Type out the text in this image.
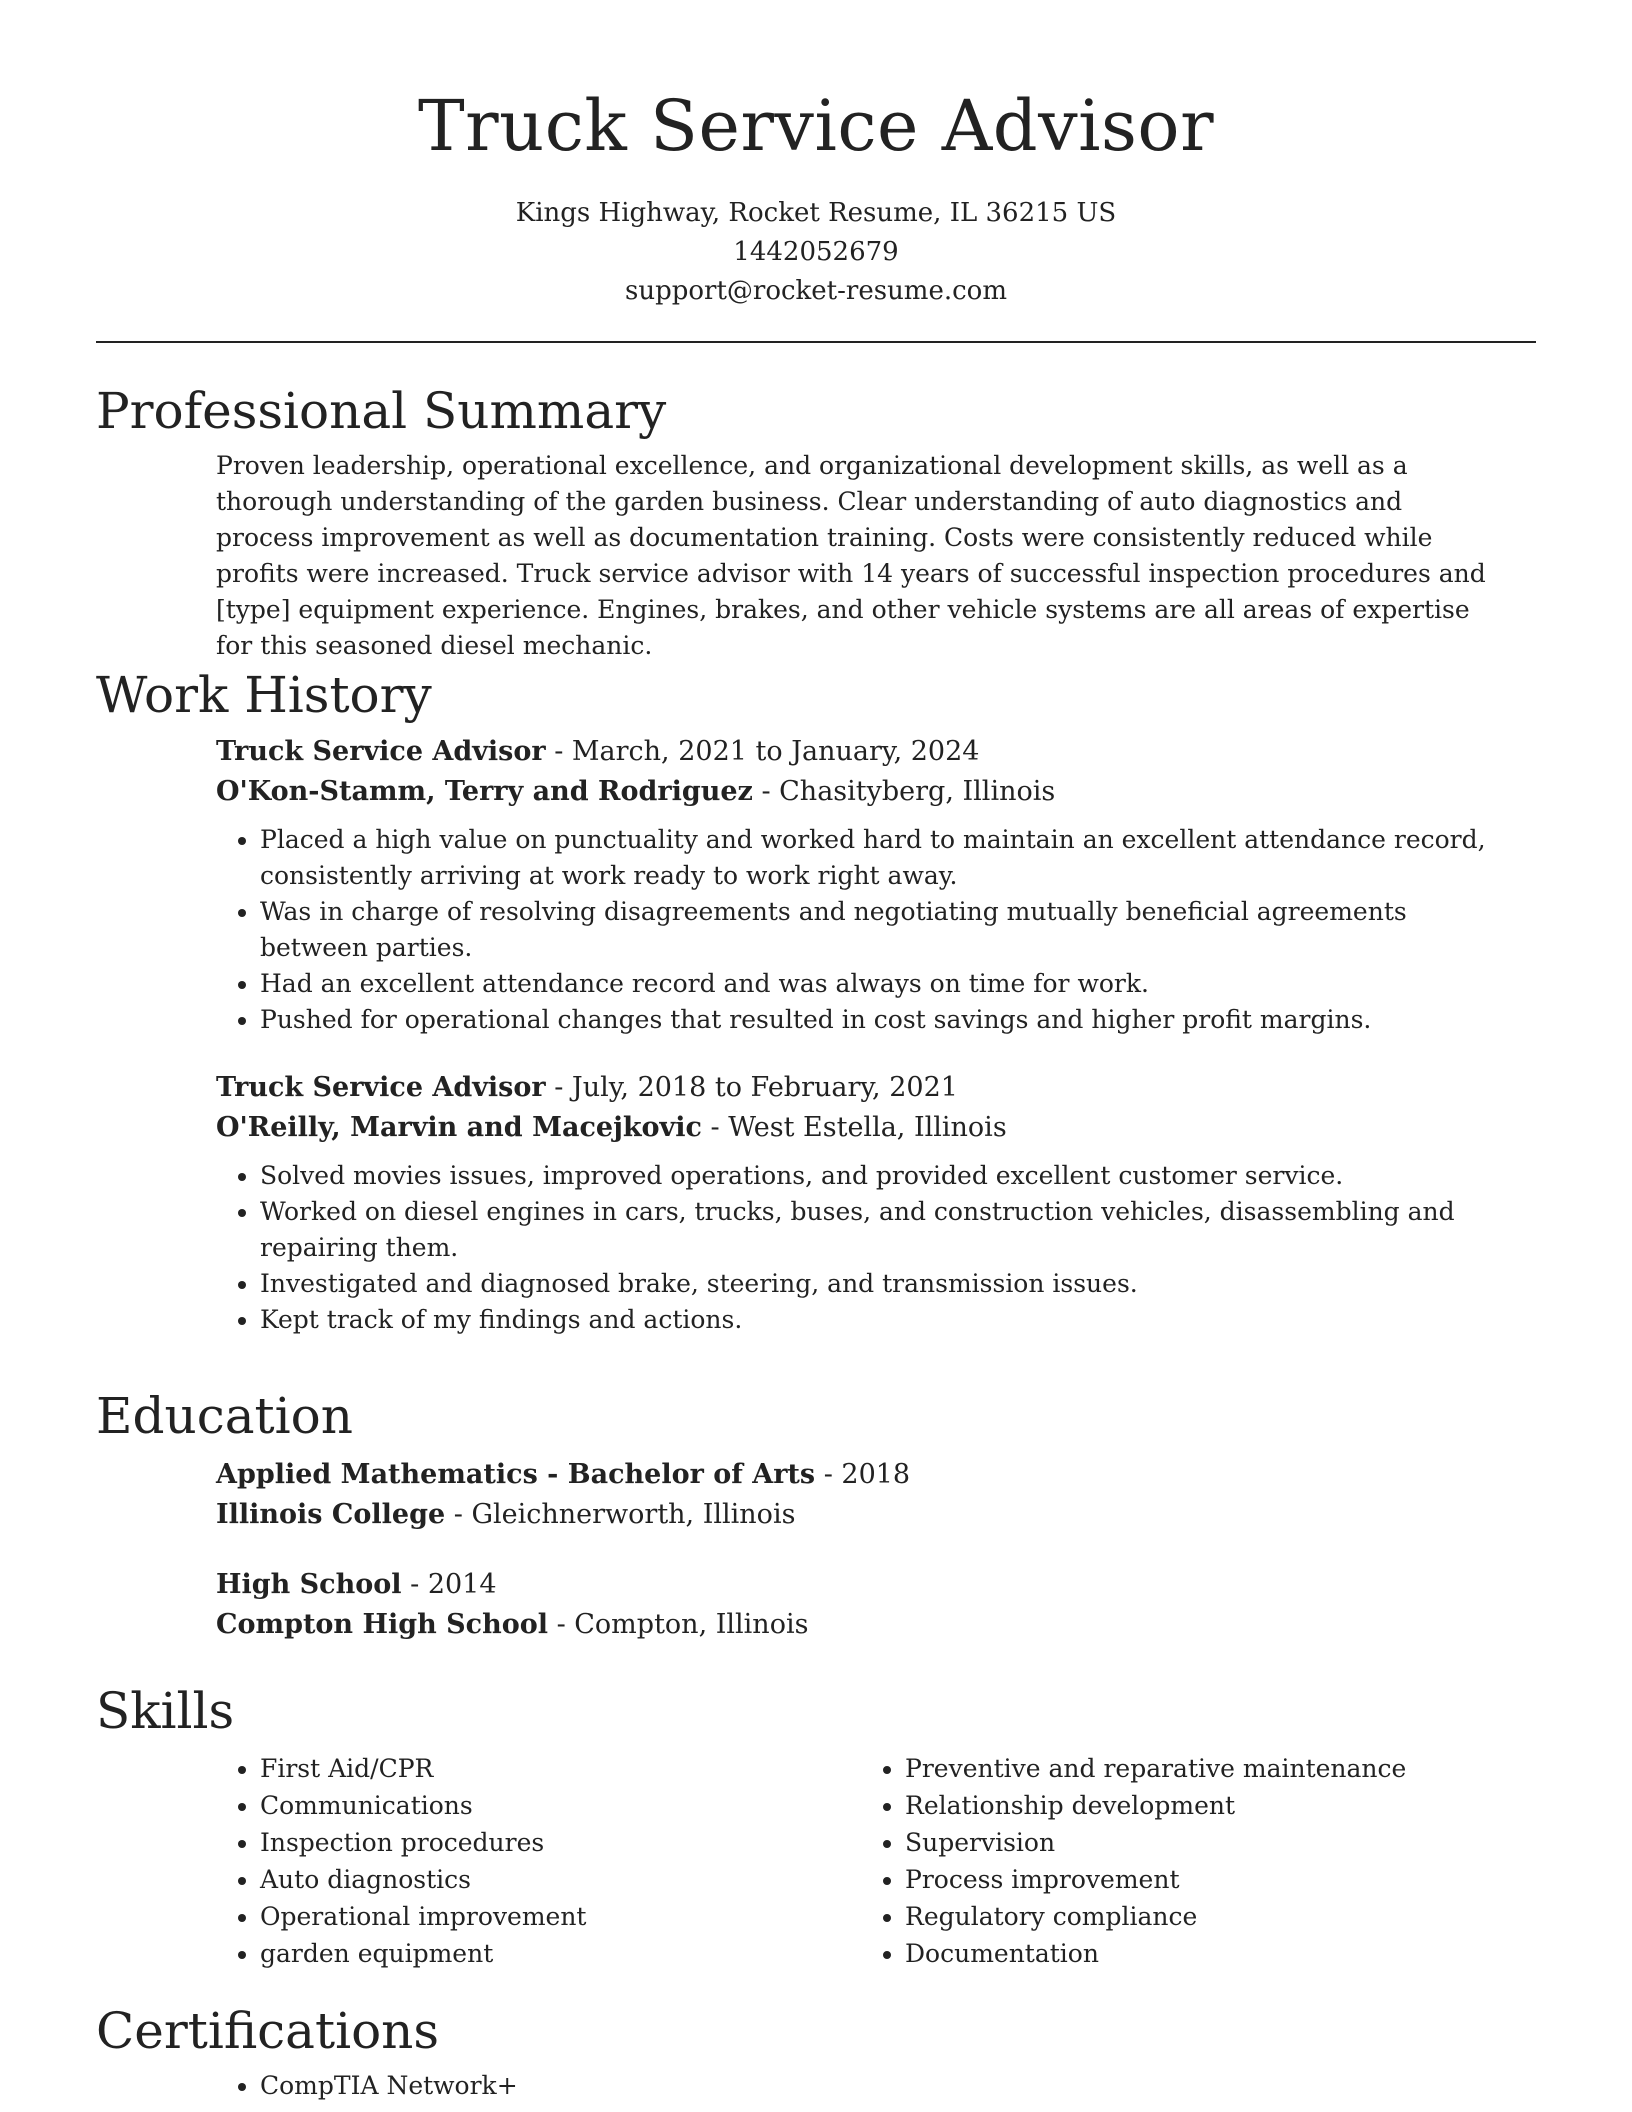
Truck Service Advisor
Kings Highway, Rocket Resume, IL 36215 US
1442052679
support@rocket-resume.com
Professional Summary

Proven leadership, operational excellence, and organizational development skills, as well as a thorough understanding of the garden business. Clear understanding of auto diagnostics and process improvement as well as documentation training. Costs were consistently reduced while profits were increased. Truck service advisor with 14 years of successful inspection procedures and [type] equipment experience. Engines, brakes, and other vehicle systems are all areas of expertise for this seasoned diesel mechanic.

Work History

Truck Service Advisor - March, 2021 to January, 2024

O'Kon-Stamm, Terry and Rodriguez - Chasityberg, Illinois

• Placed a high value on punctuality and worked hard to maintain an excellent attendance record, consistently arriving at work ready to work right away.
• Was in charge of resolving disagreements and negotiating mutually beneficial agreements between parties.
• Had an excellent attendance record and was always on time for work.
• Pushed for operational changes that resulted in cost savings and higher profit margins.

Truck Service Advisor - July, 2018 to February, 2021

O'Reilly, Marvin and Macejkovic - West Estella, Illinois

• Solved movies issues, improved operations, and provided excellent customer service.
• Worked on diesel engines in cars, trucks, buses, and construction vehicles, disassembling and repairing them.
• Investigated and diagnosed brake, steering, and transmission issues.
• Kept track of my findings and actions.
Education

Applied Mathematics - Bachelor of Arts - 2018

Illinois College - Gleichnerworth, Illinois

High School - 2014

Compton High School - Compton, Illinois

Skills
• First Aid/CPR
• Communications
• Inspection procedures
• Auto diagnostics
• Operational improvement
• garden equipment
• Preventive and reparative maintenance
• Relationship development
• Supervision
• Process improvement
• Regulatory compliance
• Documentation
Certifications
• CompTIA Network+
